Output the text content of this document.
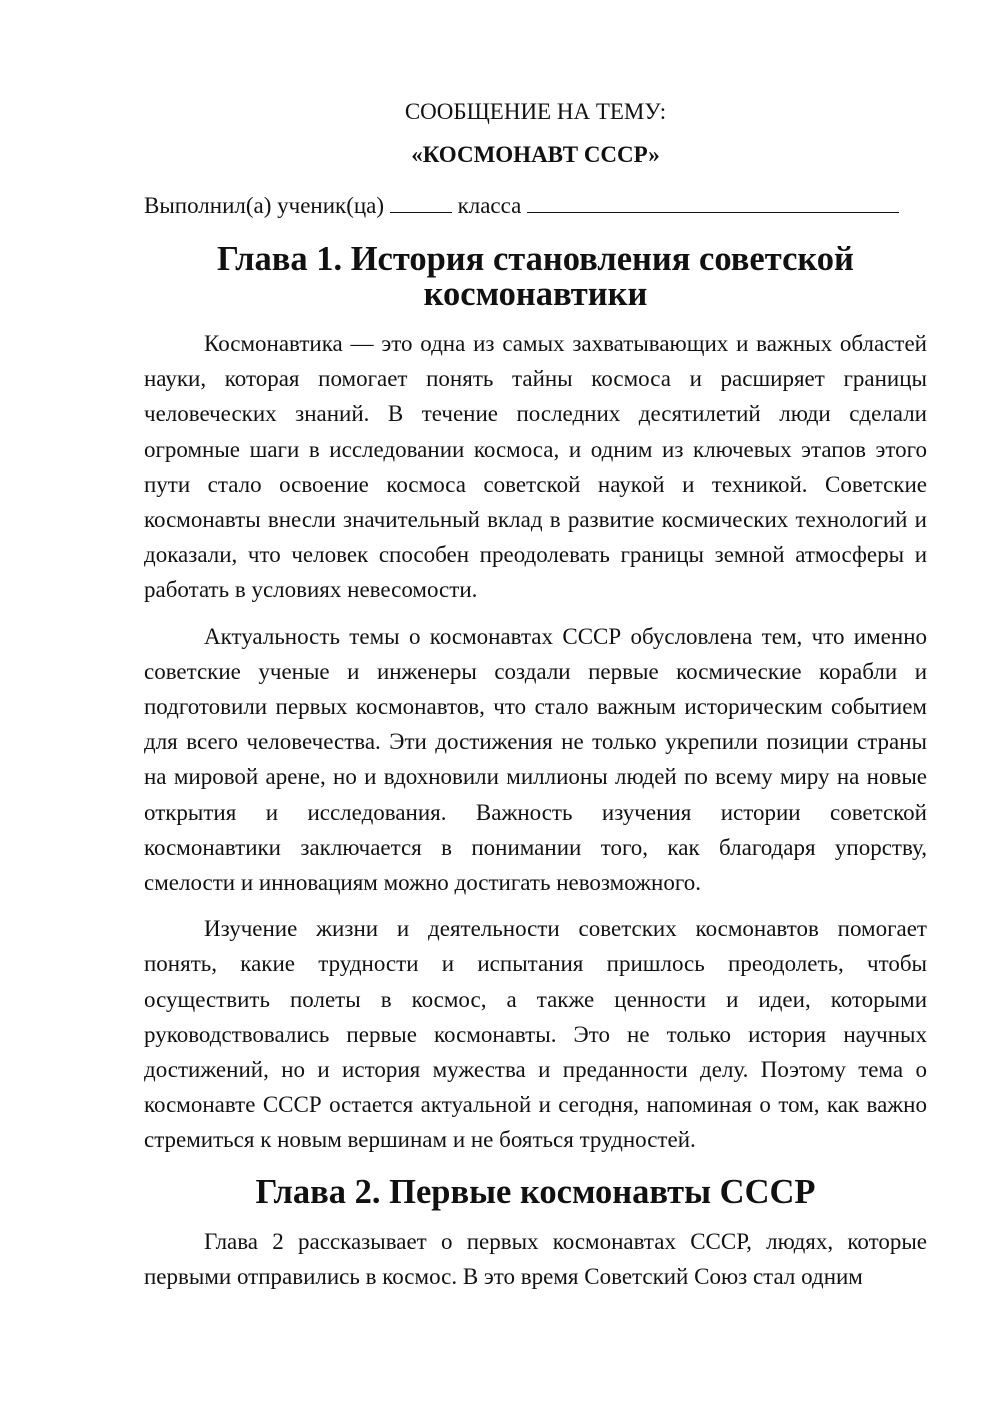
СООБЩЕНИЕ НА ТЕМУ:

«КОСМОНАВТ СССР»

Выполнил(а) ученик(ца)	класса
Глава 1. История становления советской космонавтики

Космонавтика — это одна из самых захватывающих и важных областей науки, которая помогает понять тайны космоса и расширяет границы человеческих знаний. В течение последних десятилетий люди сделали огромные шаги в исследовании космоса, и одним из ключевых этапов этого пути стало освоение космоса советской наукой и техникой. Советские космонавты внесли значительный вклад в развитие космических технологий и доказали, что человек способен преодолевать границы земной атмосферы и работать в условиях невесомости.

Актуальность темы о космонавтах СССР обусловлена тем, что именно советские ученые и инженеры создали первые космические корабли и подготовили первых космонавтов, что стало важным историческим событием для всего человечества. Эти достижения не только укрепили позиции страны на мировой арене, но и вдохновили миллионы людей по всему миру на новые открытия и исследования. Важность изучения истории советской космонавтики заключается в понимании того, как благодаря упорству, смелости и инновациям можно достигать невозможного.

Изучение жизни и деятельности советских космонавтов помогает понять, какие трудности и испытания пришлось преодолеть, чтобы осуществить полеты в космос, а также ценности и идеи, которыми руководствовались первые космонавты. Это не только история научных достижений, но и история мужества и преданности делу. Поэтому тема о космонавте СССР остается актуальной и сегодня, напоминая о том, как важно стремиться к новым вершинам и не бояться трудностей.

Глава 2. Первые космонавты СССР

Глава 2 рассказывает о первых космонавтах СССР, людях, которые первыми отправились в космос. В это время Советский Союз стал одним
